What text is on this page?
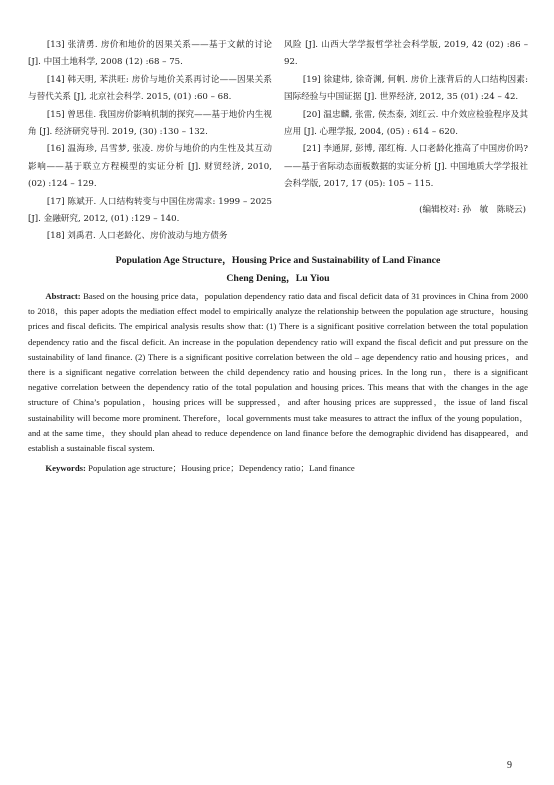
[13] 张清勇. 房价和地价的因果关系——基于文献的讨论 [J]. 中国土地科学, 2008 (12) :68 – 75.

[14] 韩天明, 苯洪旺: 房价与地价关系再讨论——因果关系与替代关系 [J], 北京社会科学. 2015, (01) :60 – 68.

[15] 曾思佳. 我国房价影响机制的探究——基于地价内生视角 [J]. 经济研究导刊. 2019, (30) :130 – 132.

[16] 温海珍, 吕雪梦, 张凌. 房价与地价的内生性及其互动影响——基于联立方程模型的实证分析 [J]. 财贸经济, 2010, (02) :124 – 129.

[17] 陈斌开. 人口结构转变与中国住房需求: 1999 – 2025 [J]. 金融研究, 2012, (01) :129 – 140.

[18] 刘禹君. 人口老龄化、房价波动与地方债务

风险 [J]. 山西大学学报哲学社会科学版, 2019, 42 (02) :86 – 92.

[19] 徐建炜, 徐奇渊, 何帆. 房价上涨背后的人口结构因素: 国际经验与中国证据 [J]. 世界经济, 2012, 35 (01) :24 – 42.

[20] 温忠麟, 张雷, 侯杰泰, 刘红云. 中介效应检验程序及其应用 [J]. 心理学报, 2004, (05) : 614 – 620.

[21] 李通屏, 彭博, 邵红梅. 人口老龄化推高了中国房价吗? ——基于省际动态面板数据的实证分析 [J]. 中国地质大学学报社会科学版, 2017, 17 (05): 105 – 115.

(编辑校对: 孙　敏　陈晓云)

Population Age Structure，Housing Price and Sustainability of Land Finance

Cheng Dening，Lu Yiou

Abstract: Based on the housing price data，population dependency ratio data and fiscal deficit data of 31 provinces in China from 2000 to 2018，this paper adopts the mediation effect model to empirically analyze the relationship between the population age structure，housing prices and fiscal deficits. The empirical analysis results show that: (1) There is a significant positive correlation between the total population dependency ratio and the fiscal deficit. An increase in the population dependency ratio will expand the fiscal deficit and put pressure on the sustainability of land finance. (2) There is a significant positive correlation between the old – age dependency ratio and housing prices，and there is a significant negative correlation between the child dependency ratio and housing prices. In the long run，there is a significant negative correlation between the dependency ratio of the total population and housing prices. This means that with the changes in the age structure of China’s population，housing prices will be suppressed，and after housing prices are suppressed，the issue of land fiscal sustainability will become more prominent. Therefore，local governments must take measures to attract the influx of the young population，and at the same time，they should plan ahead to reduce dependence on land finance before the demographic dividend has disappeared，and establish a sustainable fiscal system.

Keywords: Population age structure；Housing price；Dependency ratio；Land finance

9
